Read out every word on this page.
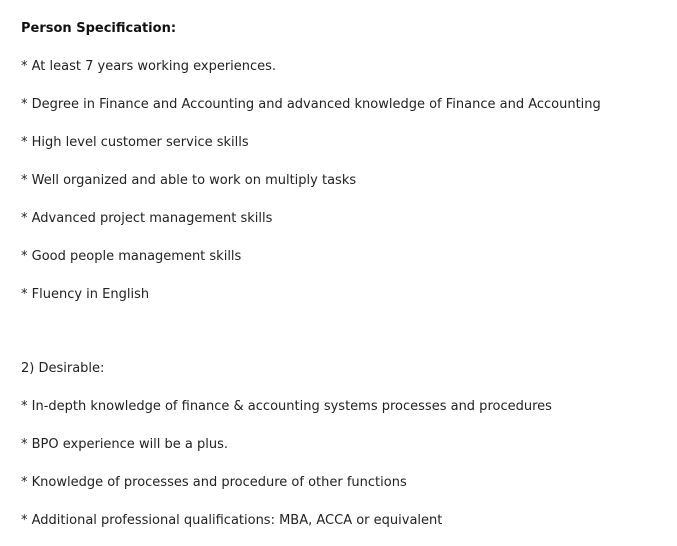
Person Specification:
* At least 7 years working experiences.
* Degree in Finance and Accounting and advanced knowledge of Finance and Accounting
* High level customer service skills
* Well organized and able to work on multiply tasks
* Advanced project management skills
* Good people management skills
* Fluency in English
2) Desirable:
* In-depth knowledge of finance & accounting systems processes and procedures
* BPO experience will be a plus.
* Knowledge of processes and procedure of other functions
* Additional professional qualifications: MBA, ACCA or equivalent
